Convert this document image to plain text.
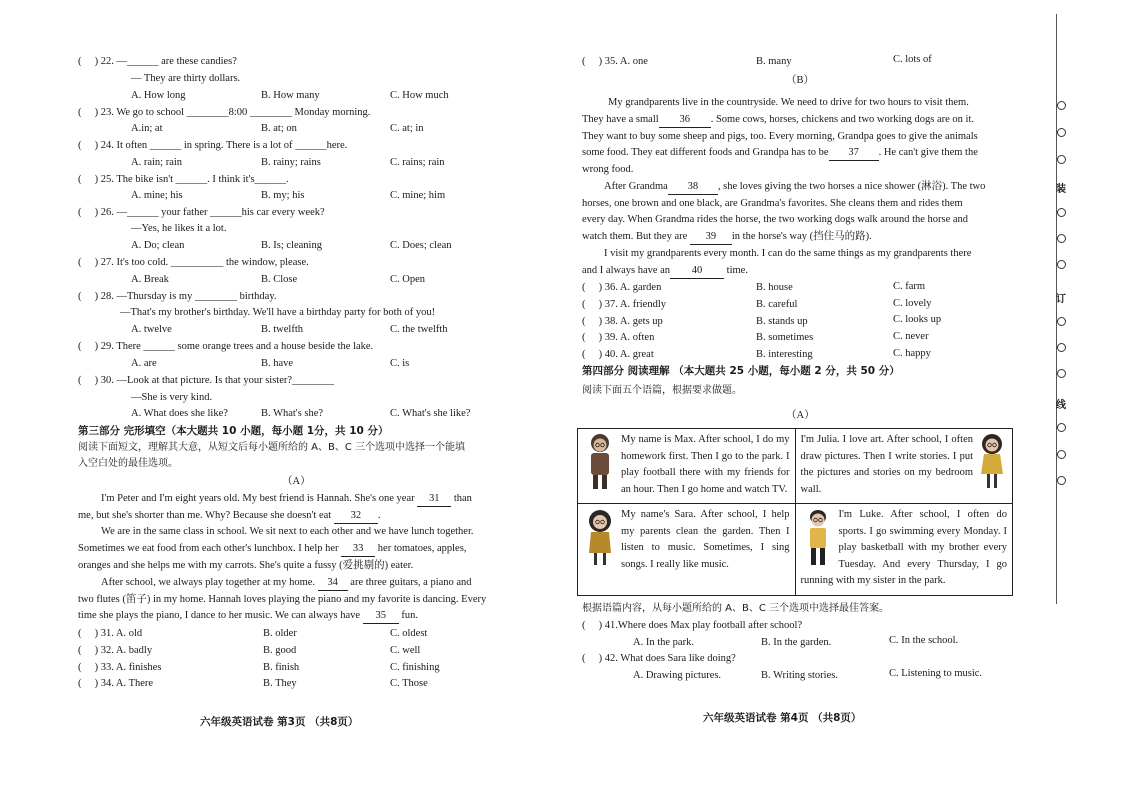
(     ) 22. —______ are these candies?
— They are thirty dollars.
A. How long	B. How many	C. How much
(     ) 23. We go to school ________8:00 ________ Monday morning.
A.in; at	B. at; on	C. at; in
(     ) 24. It often ______ in spring. There is a lot of ______here.
A. rain; rain	B. rainy; rains	C. rains; rain
(     ) 25. The bike isn't ______. I think it's______.
A. mine; his	B. my; his	C. mine; him
(     ) 26. —______ your father ______his car every week?
—Yes, he likes it a lot.
A. Do; clean	B. Is; cleaning	C. Does; clean
(     ) 27. It's too cold. __________ the window, please.
A. Break	B. Close	C. Open
(     ) 28. —Thursday is my ________ birthday.
—That's my brother's birthday. We'll have a birthday party for both of you!
A. twelve	B. twelfth	C. the twelfth
(     ) 29. There ______ some orange trees and a house beside the lake.
A. are	B. have	C. is
(     ) 30. —Look at that picture. Is that your sister?________
—She is very kind.
A. What does she like?	B. What's she?	C. What's she like?
第三部分 完形填空（本大题共 10 小题，每小题 1分，共 10 分）
阅读下面短文，理解其大意，从短文后每小题所给的 A、B、C 三个选项中选择一个能填
入空白处的最佳选项。
（A）
I'm Peter and I'm eight years old. My best friend is Hannah. She's one year 31 than
me, but she's shorter than me. Why? Because she doesn't eat 32 .
We are in the same class in school. We sit next to each other and we have lunch together.
Sometimes we eat food from each other's lunchbox. I help her 33 her tomatoes, apples,
oranges and she helps me with my carrots. She's quite a fussy (爱挑剔的) eater.
After school, we always play together at my home. 34 are three guitars, a piano and
two flutes (笛子) in my home. Hannah loves playing the piano and my favorite is dancing. Every
time she plays the piano, I dance to her music. We can always have 35 fun.
(     ) 31. A. old	B. older	C. oldest
(     ) 32. A. badly	B. good	C. well
(     ) 33. A. finishes	B. finish	C. finishing
(     ) 34. A. There	B. They	C. Those
六年级英语试卷 第3页 （共8页）
(     ) 35. A. one	B. many	C. lots of
（B）
My grandparents live in the countryside. We need to drive for two hours to visit them.
They have a small 36 . Some cows, horses, chickens and two working dogs are on it.
They want to buy some sheep and pigs, too. Every morning, Grandpa goes to give the animals
some food. They eat different foods and Grandpa has to be 37 . He can't give them the
wrong food.
After Grandma 38 , she loves giving the two horses a nice shower (淋浴). The two
horses, one brown and one black, are Grandma's favorites. She cleans them and rides them
every day. When Grandma rides the horse, the two working dogs walk around the horse and
watch them. But they are 39 in the horse's way (挡住马的路).
I visit my grandparents every month. I can do the same things as my grandparents there
and I always have an 40 time.
(     ) 36. A. garden	B. house	C. farm
(     ) 37. A. friendly	B. careful	C. lovely
(     ) 38. A. gets up	B. stands up	C. looks up
(     ) 39. A. often	B. sometimes	C. never
(     ) 40. A. great	B. interesting	C. happy
第四部分 阅读理解 （本大题共 25 小题，每小题 2 分，共 50 分）
阅读下面五个语篇，根据要求做题。
（A）
My name is Max. After school, I do my homework first. Then I go to the park. I play football there with my friends for an hour. Then I go home and watch TV.	I'm Julia. I love art. After school, I often draw pictures. Then I write stories. I put the pictures and stories on my bedroom wall.

My name's Sara. After school, I help my parents clean the garden. Then I listen to music. Sometimes, I sing songs. I really like music.	I'm Luke. After school, I often do sports. I go swimming every Monday. I play basketball with my brother every Tuesday. And every Thursday, I go running with my sister in the park.
根据语篇内容，从每小题所给的 A、B、C 三个选项中选择最佳答案。
(     ) 41.Where does Max play football after school?
A. In the park.	B. In the garden.	C. In the school.
(     ) 42. What does Sara like doing?
A. Drawing pictures.	B. Writing stories.	C. Listening to music.
六年级英语试卷 第4页 （共8页）
装
订
线
